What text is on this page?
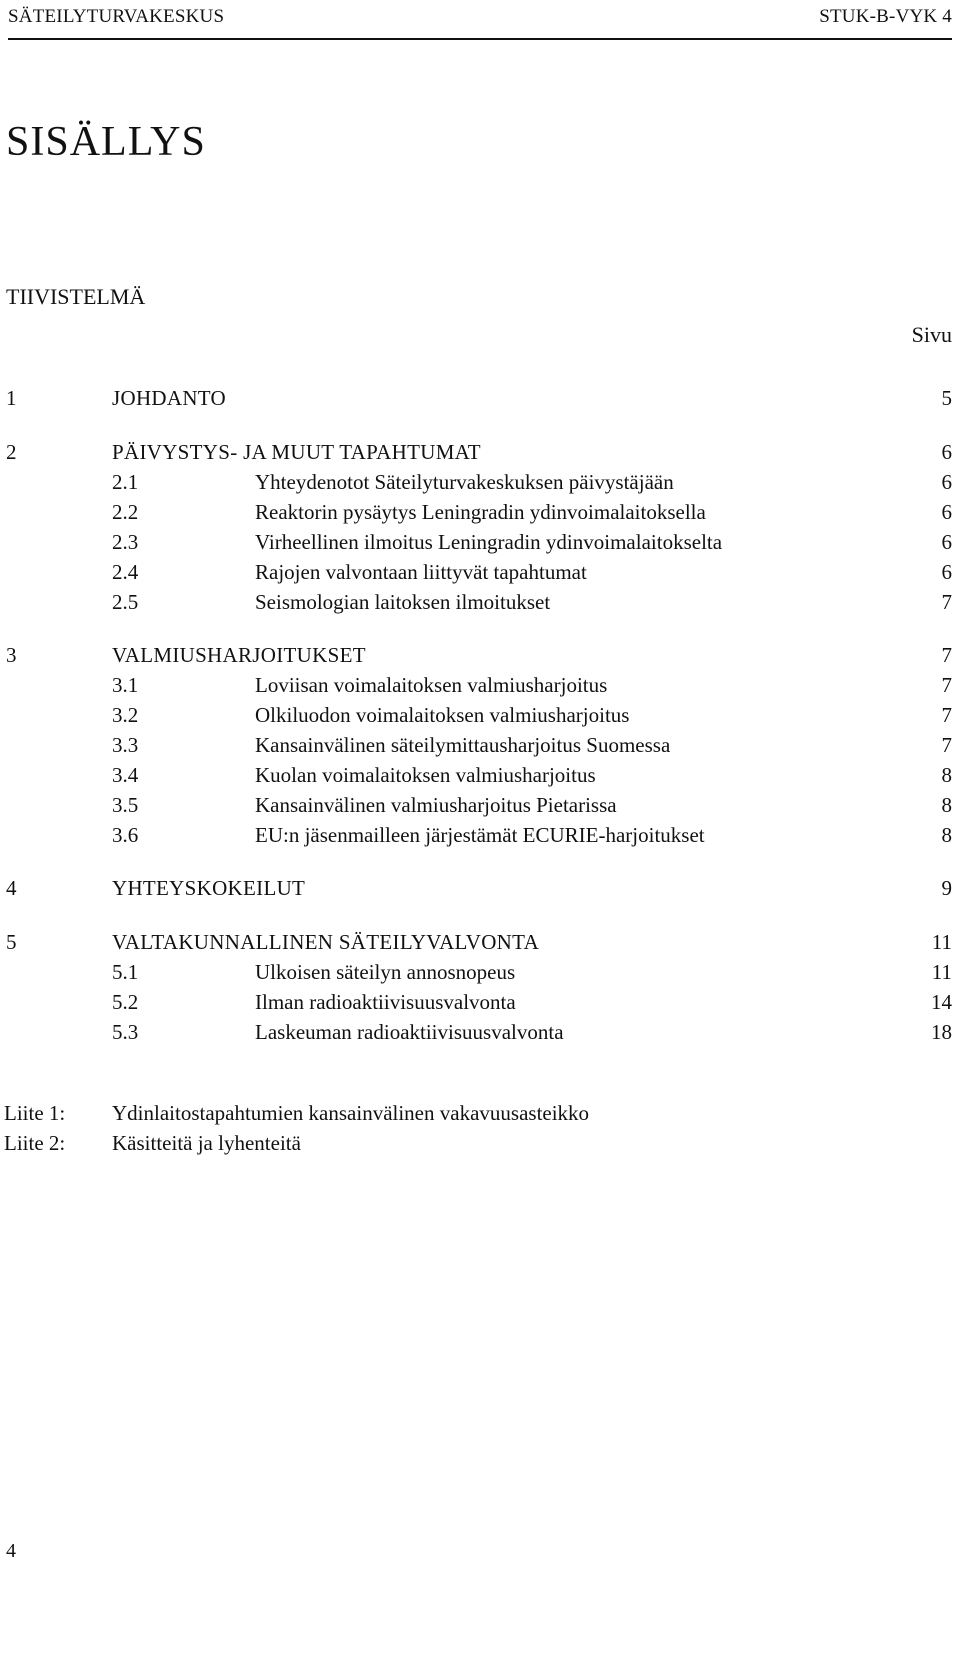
SÄTEILYTURVAKESKUS	STUK-B-VYK 4
SISÄLLYS
TIIVISTELMÄ
Sivu
1	JOHDANTO	5
2	PÄIVYSTYS- JA MUUT TAPAHTUMAT	6
2.1	Yhteydenotot Säteilyturvakeskuksen päivystäjään	6
2.2	Reaktorin pysäytys Leningradin ydinvoimalaitoksella	6
2.3	Virheellinen ilmoitus Leningradin ydinvoimalaitokselta	6
2.4	Rajojen valvontaan liittyvät tapahtumat	6
2.5	Seismologian laitoksen ilmoitukset	7
3	VALMIUSHARJOITUKSET	7
3.1	Loviisan voimalaitoksen valmiusharjoitus	7
3.2	Olkiluodon voimalaitoksen valmiusharjoitus	7
3.3	Kansainvälinen säteilymittausharjoitus Suomessa	7
3.4	Kuolan voimalaitoksen valmiusharjoitus	8
3.5	Kansainvälinen valmiusharjoitus Pietarissa	8
3.6	EU:n jäsenmailleen järjestämät ECURIE-harjoitukset	8
4	YHTEYSKOKEILUT	9
5	VALTAKUNNALLINEN SÄTEILYVALVONTA	11
5.1	Ulkoisen säteilyn annosnopeus	11
5.2	Ilman radioaktiivisuusvalvonta	14
5.3	Laskeuman radioaktiivisuusvalvonta	18
Liite 1: Ydinlaitostapahtumien kansainvälinen vakavuusasteikko
Liite 2: Käsitteitä ja lyhenteitä
4
